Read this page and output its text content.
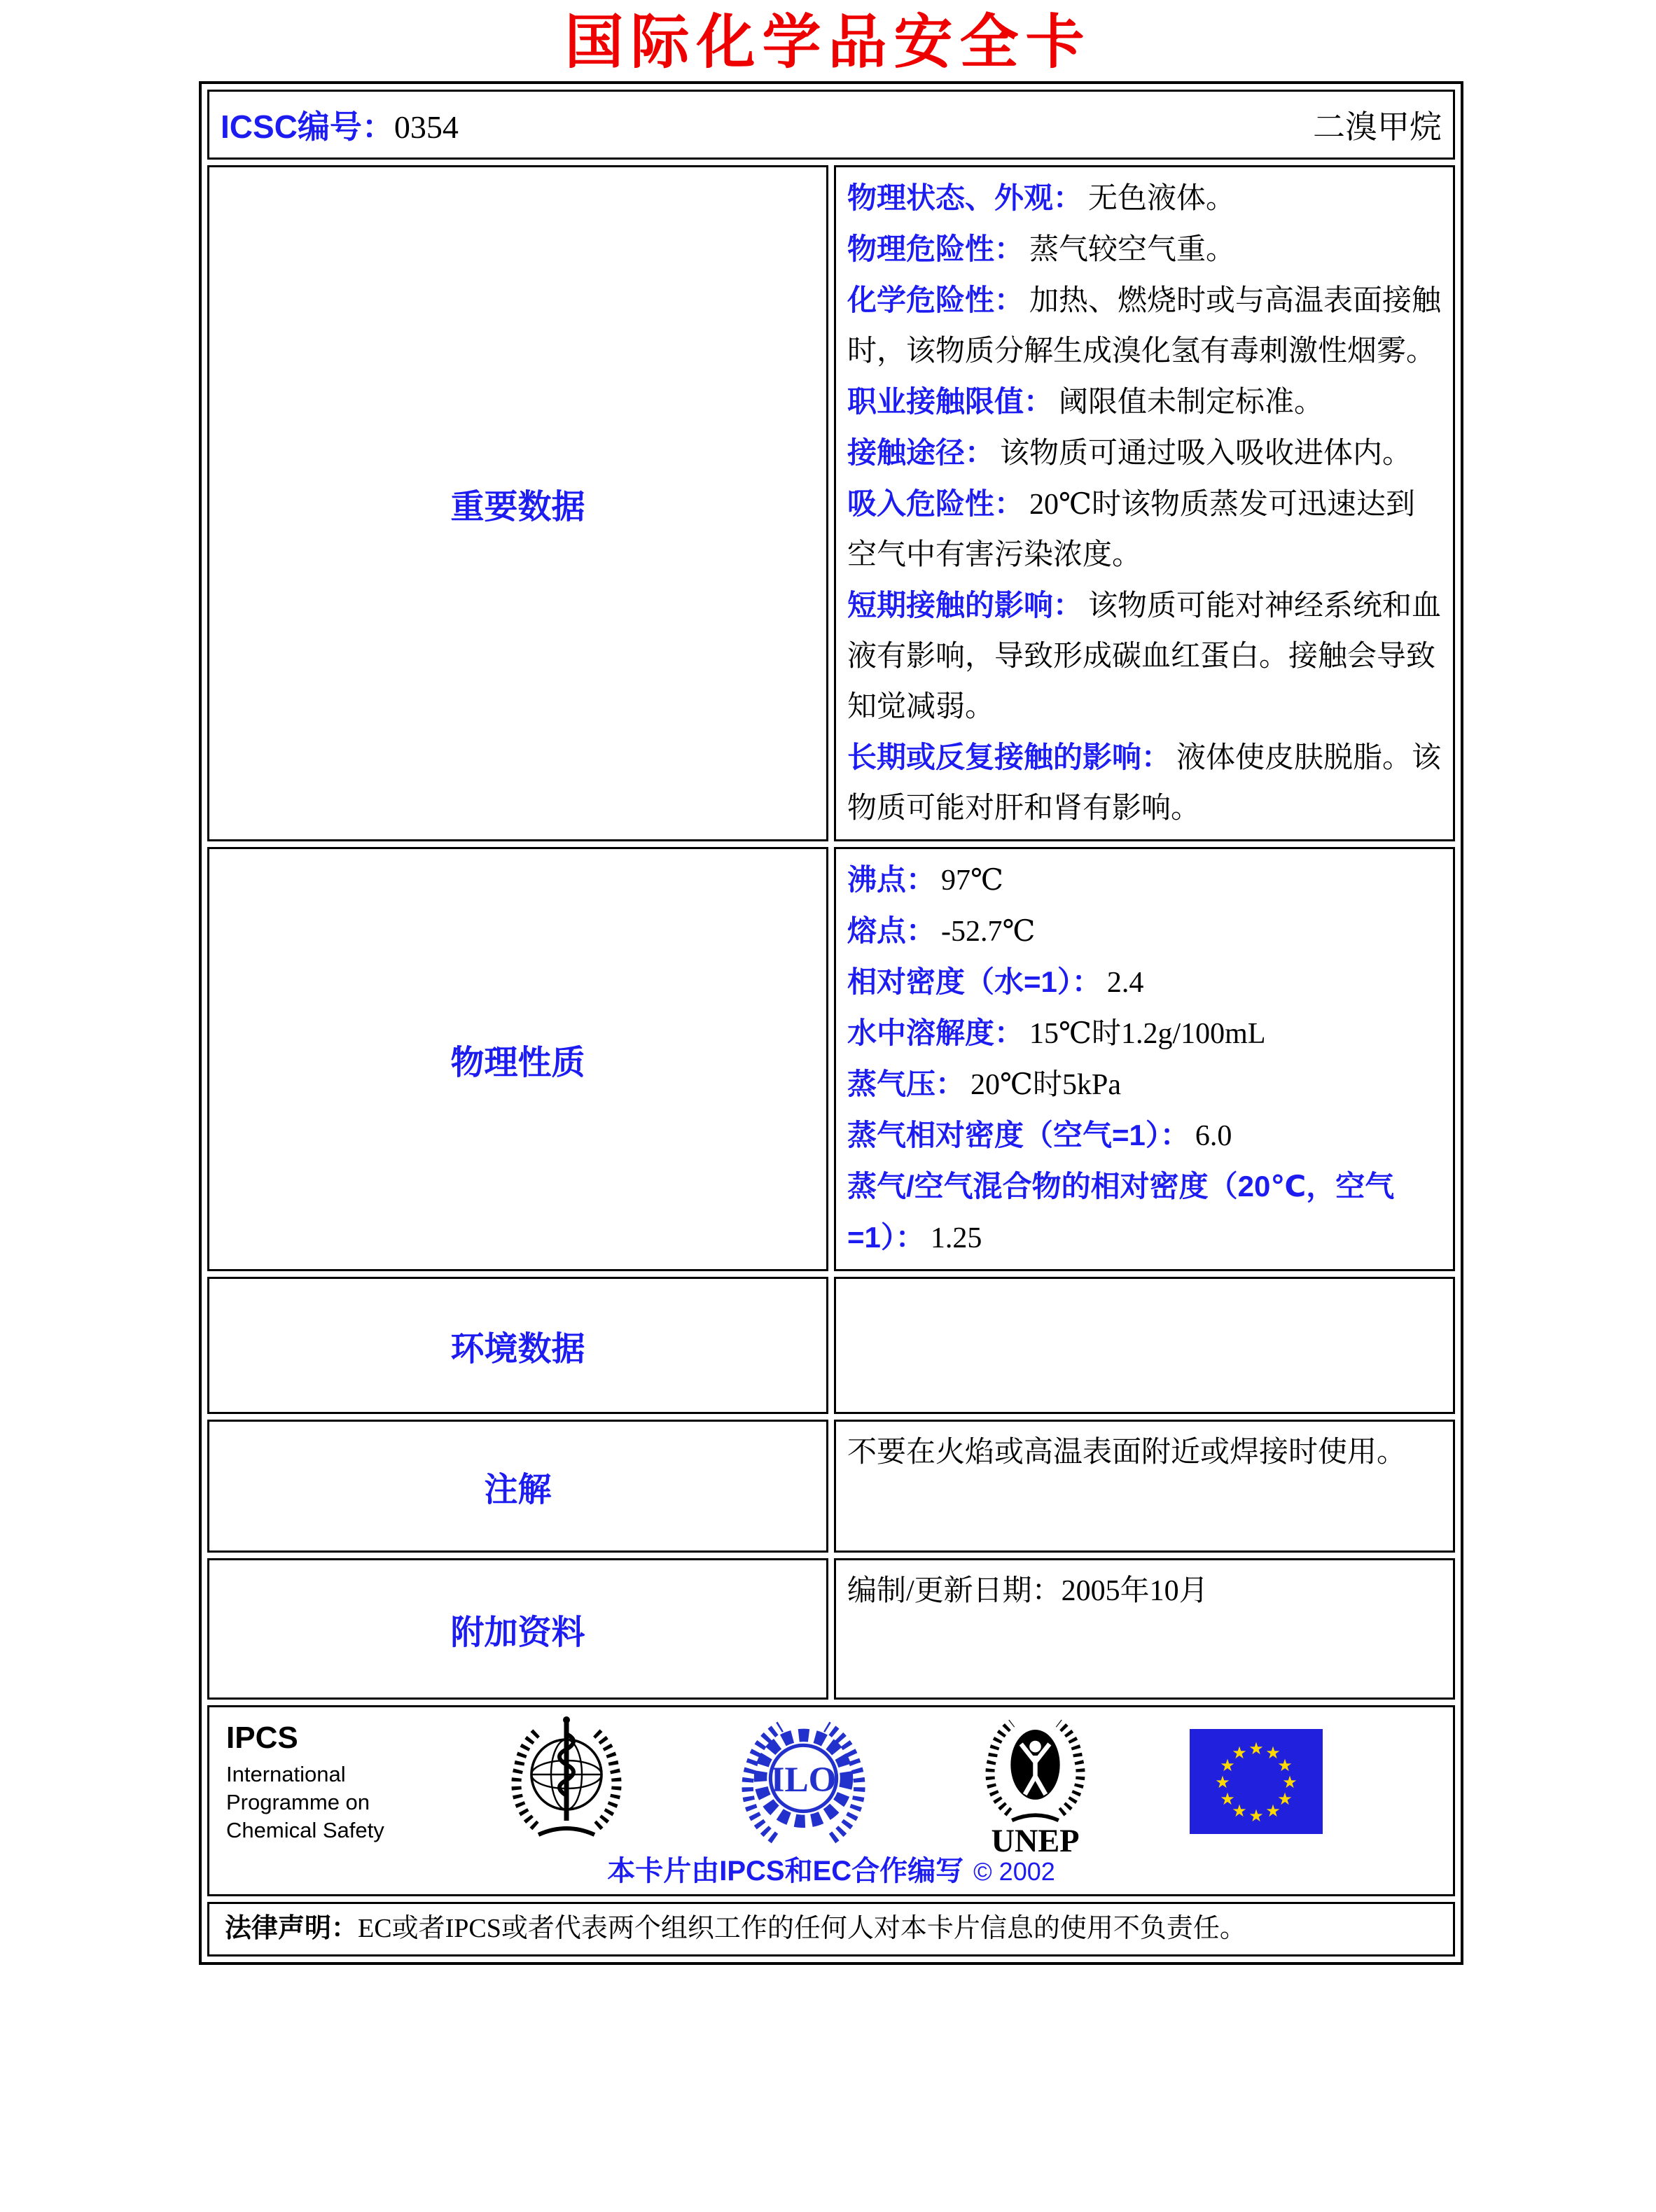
国际化学品安全卡
ICSC编号：0354 二溴甲烷	

重要数据	
物理状态、外观： 无色液体。
物理危险性： 蒸气较空气重。
化学危险性： 加热、燃烧时或与高温表面接触时，该物质分解生成溴化氢有毒刺激性烟雾。
职业接触限值： 阈限值未制定标准。
接触途径： 该物质可通过吸入吸收进体内。
吸入危险性： 20℃时该物质蒸发可迅速达到空气中有害污染浓度。
短期接触的影响： 该物质可能对神经系统和血液有影响，导致形成碳血红蛋白。接触会导致知觉减弱。
长期或反复接触的影响： 液体使皮肤脱脂。该物质可能对肝和肾有影响。

物理性质	
沸点： 97℃
熔点： -52.7℃
相对密度（水=1）： 2.4
水中溶解度： 15℃时1.2g/100mL
蒸气压： 20℃时5kPa
蒸气相对密度（空气=1）： 6.0
蒸气/空气混合物的相对密度（20℃，空气=1）： 1.25

环境数据	
注解	不要在火焰或高温表面附近或焊接时使用。

附加资料	编制/更新日期：2005年10月

IPCS
International
Programme on
Chemical Safety
ILO
UNEP
★ ★
★
★
★
★
★
★
★
★
★
★
本卡片由IPCS和EC合作编写 © 2002

法律声明：EC或者IPCS或者代表两个组织工作的任何人对本卡片信息的使用不负责任。	
